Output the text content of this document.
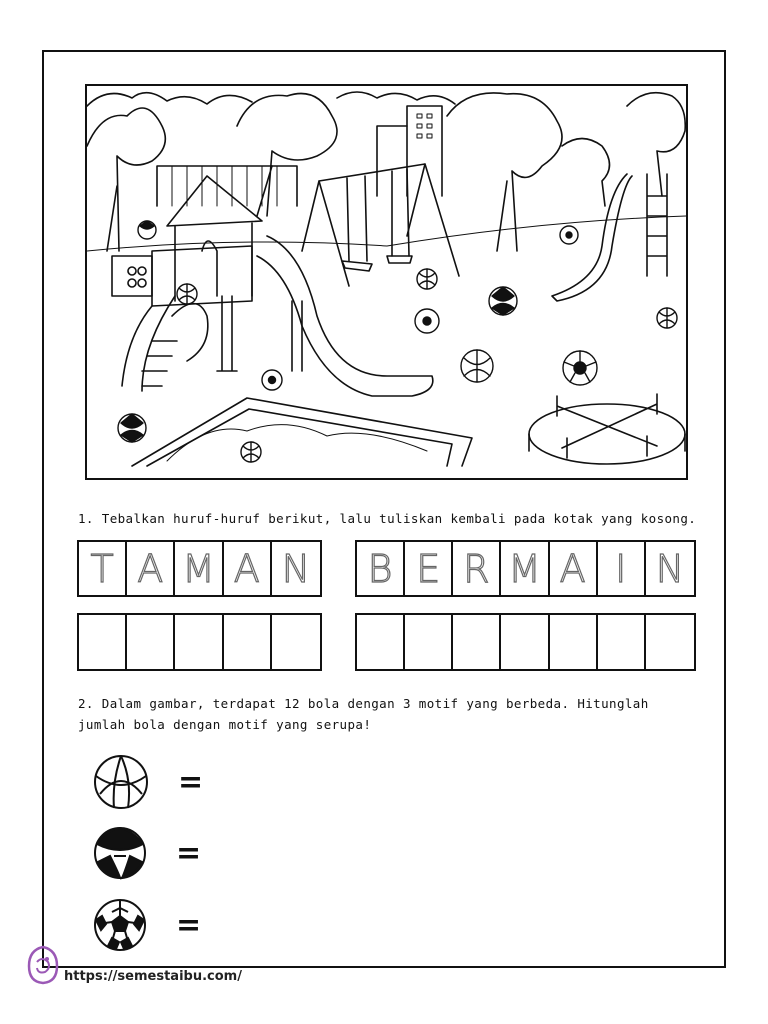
1. Tebalkan huruf-huruf berikut, lalu tuliskan kembali pada kotak yang kosong.
T A M A N B E R M A I N
2. Dalam gambar, terdapat 12 bola dengan 3 motif yang berbeda. Hitunglah
jumlah bola dengan motif yang serupa!
=
=
=
https://semestaibu.com/
